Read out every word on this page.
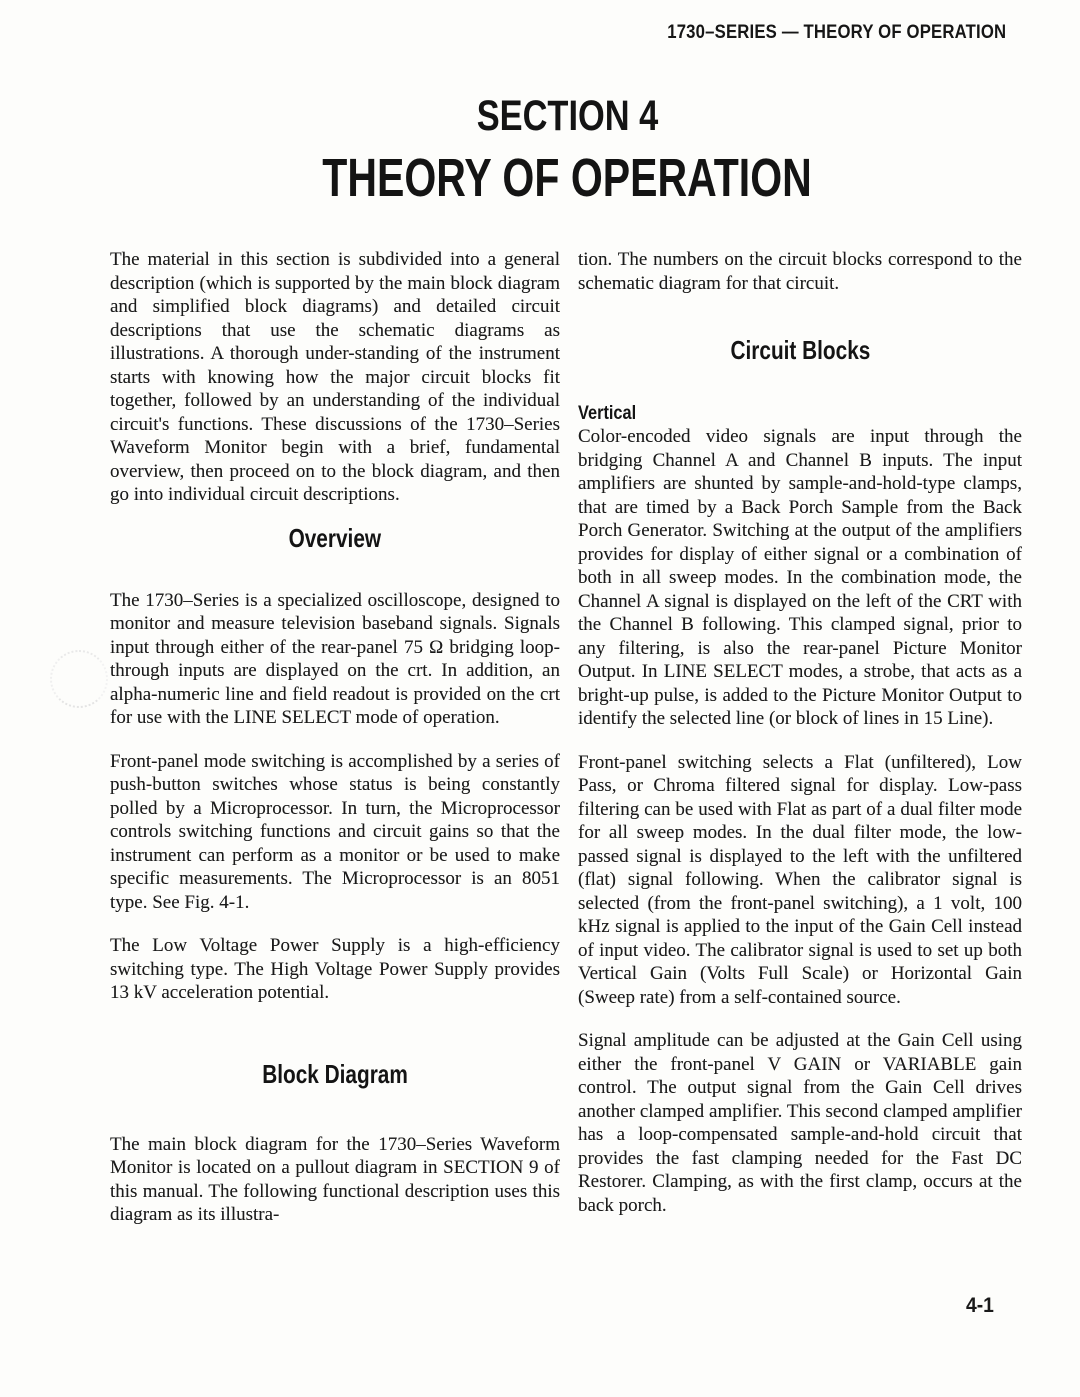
1730–SERIES — THEORY OF OPERATION
SECTION 4
THEORY OF OPERATION

The material in this section is subdivided into a general description (which is supported by the main block diagram and simplified block diagrams) and detailed circuit descriptions that use the schematic diagrams as illustrations. A thorough under-standing of the instrument starts with knowing how the major circuit blocks fit together, followed by an understanding of the individual circuit's functions. These discussions of the 1730–Series Waveform Monitor begin with a brief, fundamental overview, then proceed on to the block diagram, and then go into individual circuit descriptions.

Overview

The 1730–Series is a specialized oscilloscope, designed to monitor and measure television baseband signals. Signals input through either of the rear-panel 75 Ω bridging loop-through inputs are displayed on the crt. In addition, an alpha-numeric line and field readout is provided on the crt for use with the LINE SELECT mode of operation.

Front-panel mode switching is accomplished by a series of push-button switches whose status is being constantly polled by a Microprocessor. In turn, the Microprocessor controls switching functions and circuit gains so that the instrument can perform as a monitor or be used to make specific measurements. The Microprocessor is an 8051 type. See Fig. 4-1.

The Low Voltage Power Supply is a high-efficiency switching type. The High Voltage Power Supply provides 13 kV acceleration potential.

Block Diagram

The main block diagram for the 1730–Series Waveform Monitor is located on a pullout diagram in SECTION 9 of this manual. The following functional description uses this diagram as its illustra-

tion. The numbers on the circuit blocks correspond to the schematic diagram for that circuit.

Circuit Blocks
Vertical

Color-encoded video signals are input through the bridging Channel A and Channel B inputs. The input amplifiers are shunted by sample-and-hold-type clamps, that are timed by a Back Porch Sample from the Back Porch Generator. Switching at the output of the amplifiers provides for display of either signal or a combination of both in all sweep modes. In the combination mode, the Channel A signal is displayed on the left of the CRT with the Channel B following. This clamped signal, prior to any filtering, is also the rear-panel Picture Monitor Output. In LINE SELECT modes, a strobe, that acts as a bright-up pulse, is added to the Picture Monitor Output to identify the selected line (or block of lines in 15 Line).

Front-panel switching selects a Flat (unfiltered), Low Pass, or Chroma filtered signal for display. Low-pass filtering can be used with Flat as part of a dual filter mode for all sweep modes. In the dual filter mode, the low-passed signal is displayed to the left with the unfiltered (flat) signal following. When the calibrator signal is selected (from the front-panel switching), a 1 volt, 100 kHz signal is applied to the input of the Gain Cell instead of input video. The calibrator signal is used to set up both Vertical Gain (Volts Full Scale) or Horizontal Gain (Sweep rate) from a self-contained source.

Signal amplitude can be adjusted at the Gain Cell using either the front-panel V GAIN or VARIABLE gain control. The output signal from the Gain Cell drives another clamped amplifier. This second clamped amplifier has a loop-compensated sample-and-hold circuit that provides the fast clamping needed for the Fast DC Restorer. Clamping, as with the first clamp, occurs at the back porch.

4-1
